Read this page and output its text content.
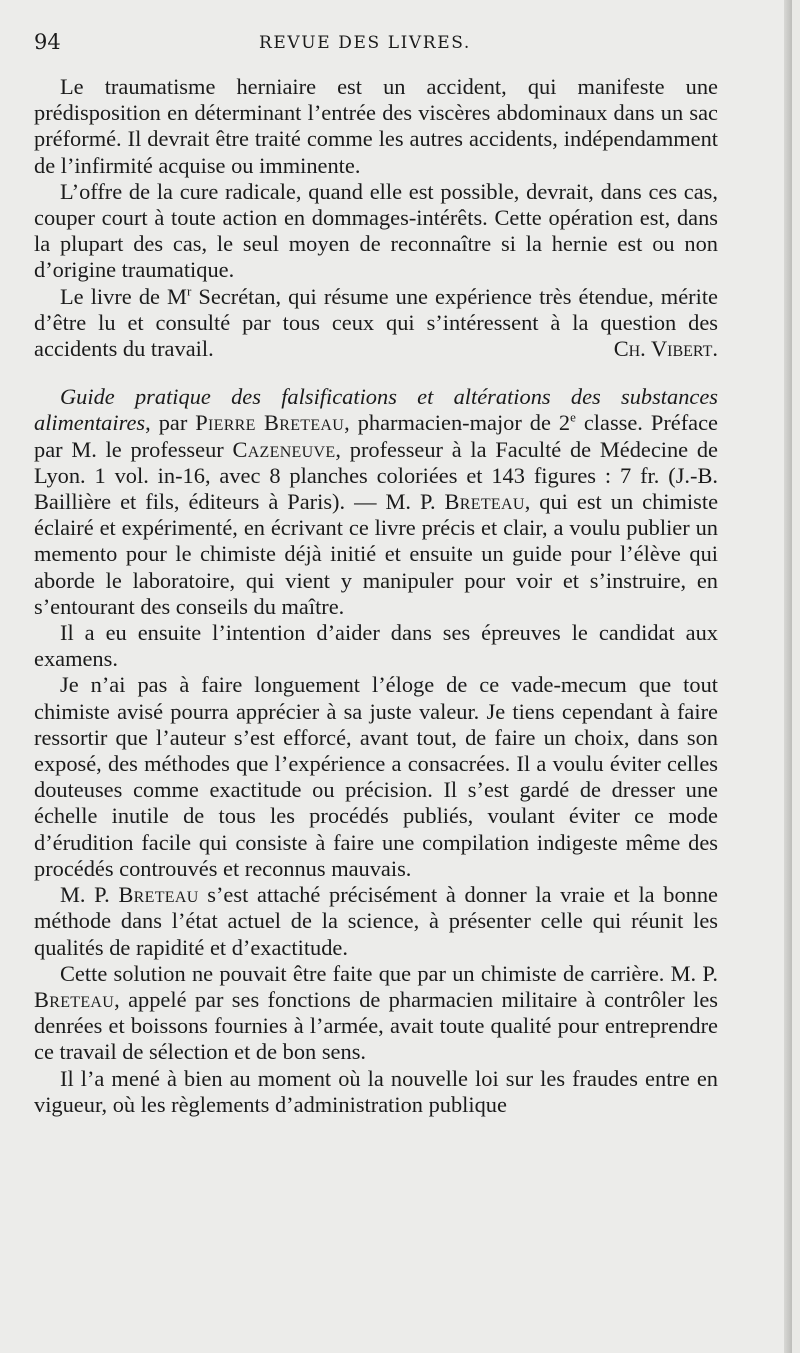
94	REVUE DES LIVRES.

Le traumatisme herniaire est un accident, qui manifeste une prédisposition en déterminant l’entrée des viscères abdominaux dans un sac préformé. Il devrait être traité comme les autres accidents, indépendamment de l’infirmité acquise ou imminente.

L’offre de la cure radicale, quand elle est possible, devrait, dans ces cas, couper court à toute action en dommages-intérêts. Cette opération est, dans la plupart des cas, le seul moyen de reconnaître si la hernie est ou non d’origine traumatique.

Le livre de $M^r$ Secrétan, qui résume une expérience très étendue, mérite d’être lu et consulté par tous ceux qui s’intéressent à la question des accidents du travail.	Ch. Vibert.

Guide pratique des falsifications et altérations des substances alimentaires, par Pierre Breteau, pharmacien-major de 2e classe. Préface par M. le professeur Cazeneuve, professeur à la Faculté de Médecine de Lyon. 1 vol. in-16, avec 8 planches coloriées et 143 figures : 7 fr. (J.-B. Baillière et fils, éditeurs à Paris). — M. P. Breteau, qui est un chimiste éclairé et expérimenté, en écrivant ce livre précis et clair, a voulu publier un memento pour le chimiste déjà initié et ensuite un guide pour l’élève qui aborde le laboratoire, qui vient y manipuler pour voir et s’instruire, en s’entourant des conseils du maître.

Il a eu ensuite l’intention d’aider dans ses épreuves le candidat aux examens.

Je n’ai pas à faire longuement l’éloge de ce vade-mecum que tout chimiste avisé pourra apprécier à sa juste valeur. Je tiens cependant à faire ressortir que l’auteur s’est efforcé, avant tout, de faire un choix, dans son exposé, des méthodes que l’expérience a consacrées. Il a voulu éviter celles douteuses comme exactitude ou précision. Il s’est gardé de dresser une échelle inutile de tous les procédés publiés, voulant éviter ce mode d’érudition facile qui consiste à faire une compilation indigeste même des procédés controuvés et reconnus mauvais.

M. P. Breteau s’est attaché précisément à donner la vraie et la bonne méthode dans l’état actuel de la science, à présenter celle qui réunit les qualités de rapidité et d’exactitude.

Cette solution ne pouvait être faite que par un chimiste de carrière. M. P. Breteau, appelé par ses fonctions de pharmacien militaire à contrôler les denrées et boissons fournies à l’armée, avait toute qualité pour entreprendre ce travail de sélection et de bon sens.

Il l’a mené à bien au moment où la nouvelle loi sur les fraudes entre en vigueur, où les règlements d’administration publique
